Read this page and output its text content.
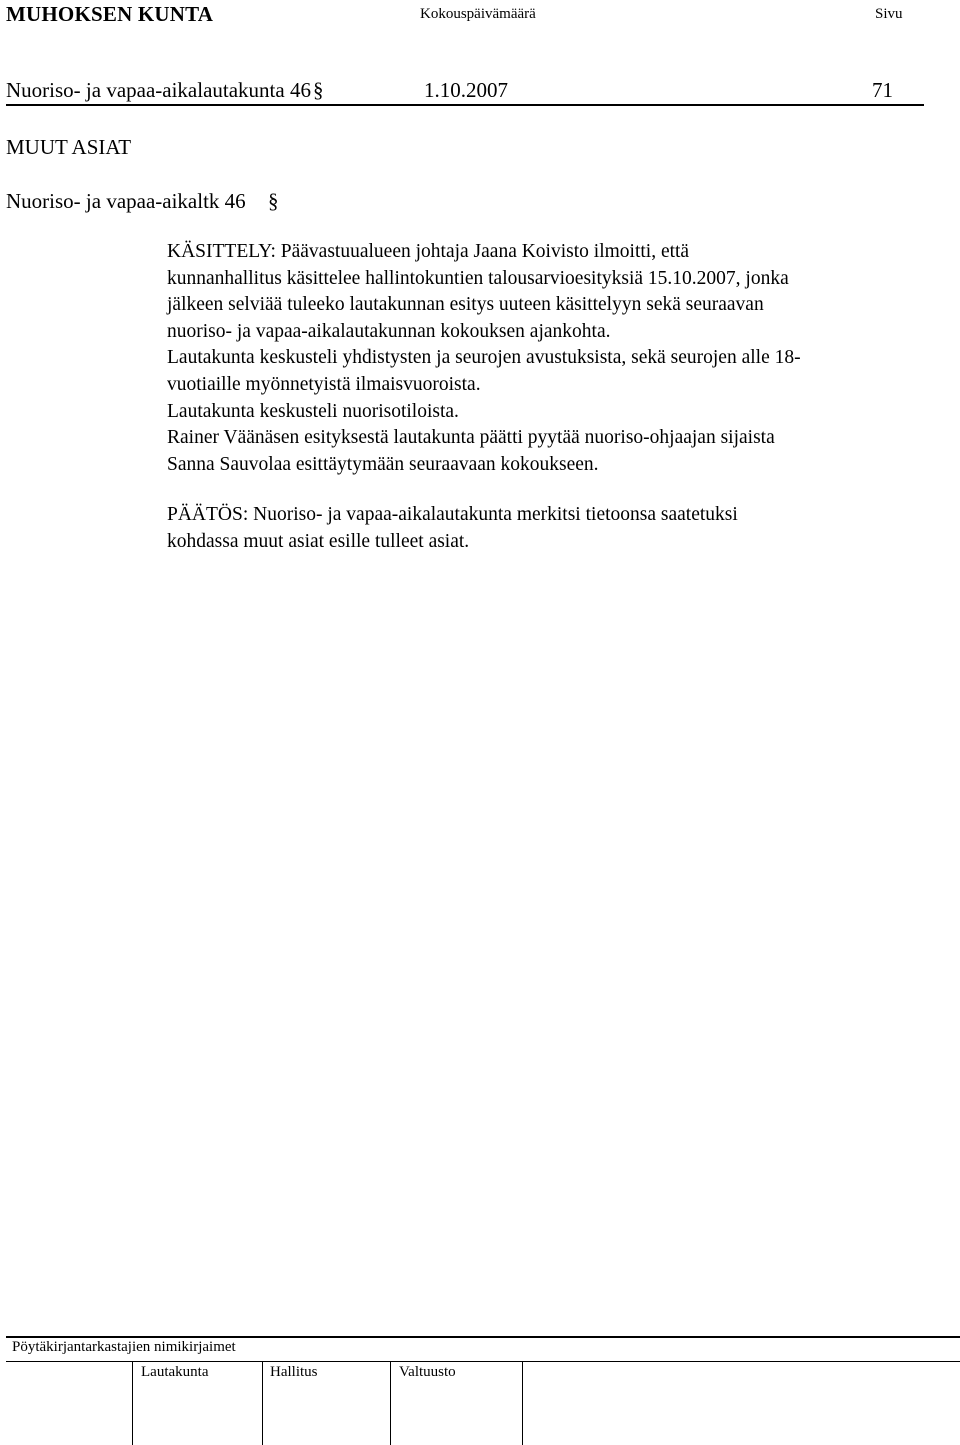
MUHOKSEN KUNTA	Kokouspäivämäärä	Sivu
Nuoriso- ja vapaa-aikalautakunta 46 §	1.10.2007	71
MUUT ASIAT
Nuoriso- ja vapaa-aikaltk 46 §
KÄSITTELY: Päävastuualueen johtaja Jaana Koivisto ilmoitti, että
kunnanhallitus käsittelee hallintokuntien talousarvioesityksiä 15.10.2007, jonka
jälkeen selviää tuleeko lautakunnan esitys uuteen käsittelyyn sekä seuraavan
nuoriso- ja vapaa-aikalautakunnan kokouksen ajankohta.
Lautakunta keskusteli yhdistysten ja seurojen avustuksista, sekä seurojen alle 18-
vuotiaille myönnetyistä ilmaisvuoroista.
Lautakunta keskusteli nuorisotiloista.
Rainer Väänäsen esityksestä lautakunta päätti pyytää nuoriso-ohjaajan sijaista
Sanna Sauvolaa esittäytymään seuraavaan kokoukseen.
PÄÄTÖS: Nuoriso- ja vapaa-aikalautakunta merkitsi tietoonsa saatetuksi
kohdassa muut asiat esille tulleet asiat.
Pöytäkirjantarkastajien nimikirjaimet
Lautakunta	Hallitus	Valtuusto
